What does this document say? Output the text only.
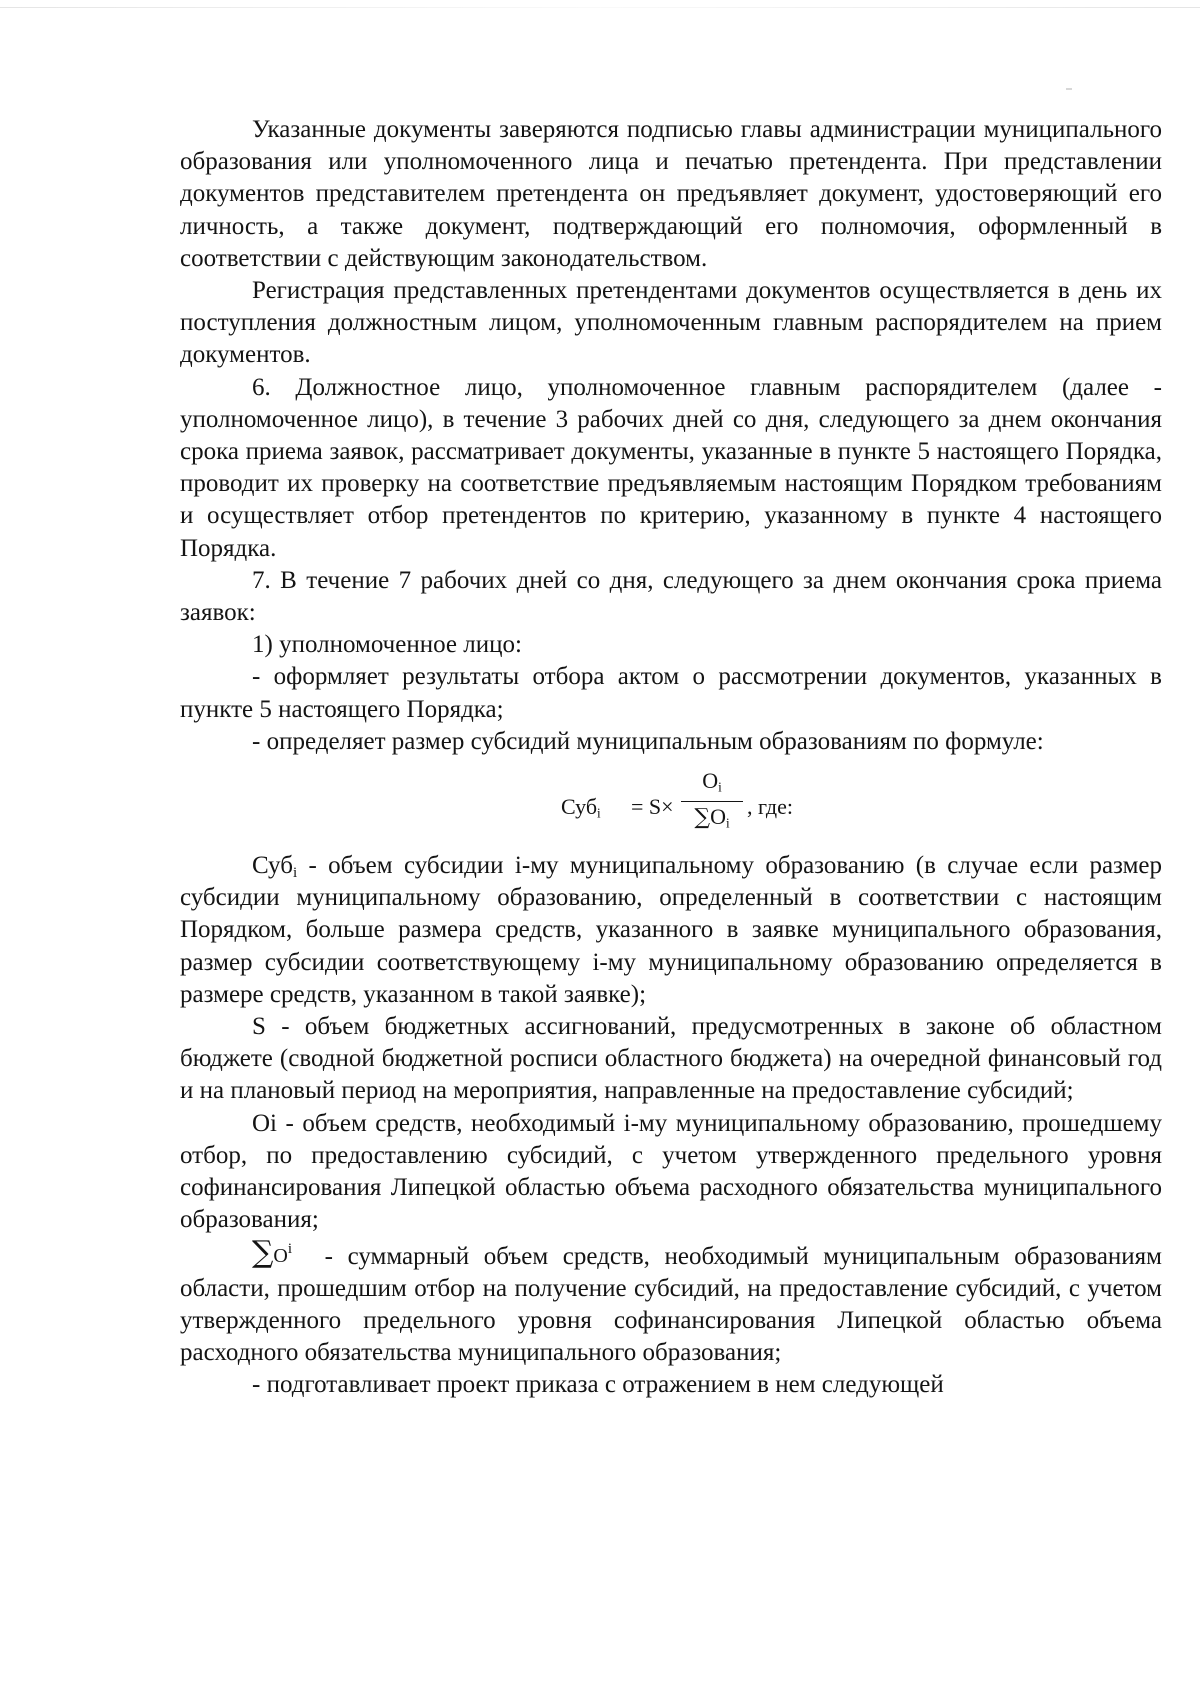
Указанные документы заверяются подписью главы администрации муниципального образования или уполномоченного лица и печатью претендента. При представлении документов представителем претендента он предъявляет документ, удостоверяющий его личность, а также документ, подтверждающий его полномочия, оформленный в соответствии с действующим законодательством.

Регистрация представленных претендентами документов осуществляется в день их поступления должностным лицом, уполномоченным главным распорядителем на прием документов.

6. Должностное лицо, уполномоченное главным распорядителем (далее - уполномоченное лицо), в течение 3 рабочих дней со дня, следующего за днем окончания срока приема заявок, рассматривает документы, указанные в пункте 5 настоящего Порядка, проводит их проверку на соответствие предъявляемым настоящим Порядком требованиям и осуществляет отбор претендентов по критерию, указанному в пункте 4 настоящего Порядка.

7. В течение 7 рабочих дней со дня, следующего за днем окончания срока приема заявок:

1) уполномоченное лицо:

- оформляет результаты отбора актом о рассмотрении документов, указанных в пункте 5 настоящего Порядка;

- определяет размер субсидий муниципальным образованиям по формуле:

Суб$_i$ = S×
$O_i$
$\sum O_i$
, где:

Суб$_i$ - объем субсидии i-му муниципальному образованию (в случае если размер субсидии муниципальному образованию, определенный в соответствии с настоящим Порядком, больше размера средств, указанного в заявке муниципального образования, размер субсидии соответствующему i-му муниципальному образованию определяется в размере средств, указанном в такой заявке);

S - объем бюджетных ассигнований, предусмотренных в законе об областном бюджете (сводной бюджетной росписи областного бюджета) на очередной финансовый год и на плановый период на мероприятия, направленные на предоставление субсидий;

Oi - объем средств, необходимый i-му муниципальному образованию, прошедшему отбор, по предоставлению субсидий, с учетом утвержденного предельного уровня софинансирования Липецкой областью объема расходного обязательства муниципального образования;

$\sum O_i$ - суммарный объем средств, необходимый муниципальным образованиям области, прошедшим отбор на получение субсидий, на предоставление субсидий, с учетом утвержденного предельного уровня софинансирования Липецкой областью объема расходного обязательства муниципального образования;

- подготавливает проект приказа с отражением в нем следующей
